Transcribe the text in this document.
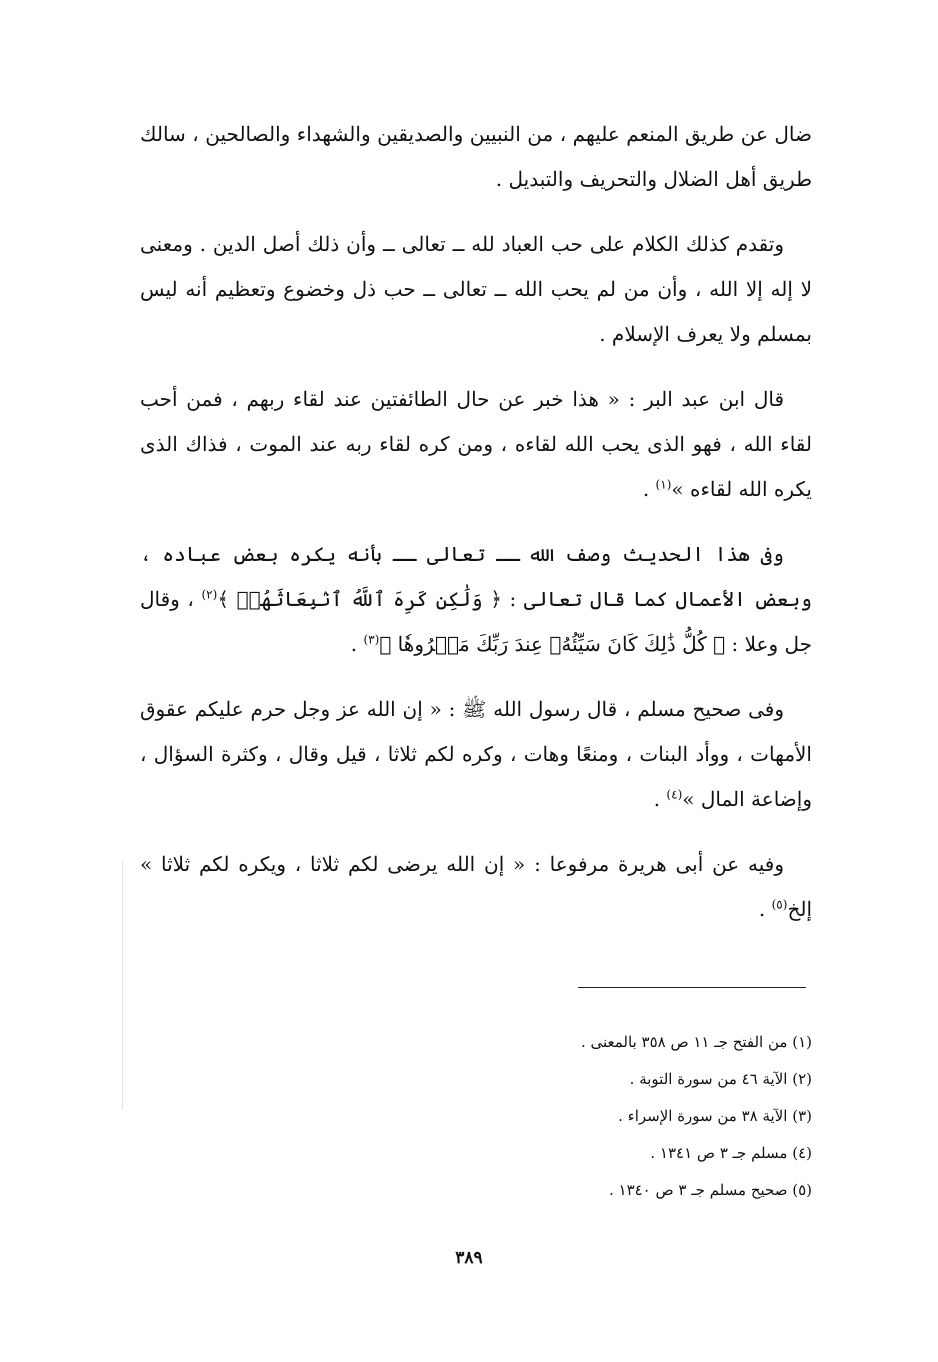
ضال عن طريق المنعم عليهم ، من النبيين والصديقين والشهداء والصالحين ، سالك طريق أهل الضلال والتحريف والتبديل .

وتقدم كذلك الكلام على حب العباد لله ــ تعالى ــ وأن ذلك أصل الدين . ومعنى لا إله إلا الله ، وأن من لم يحب الله ــ تعالى ــ حب ذل وخضوع وتعظيم أنه ليس بمسلم ولا يعرف الإسلام .

قال ابن عبد البر : « هذا خبر عن حال الطائفتين عند لقاء ربهم ، فمن أحب لقاء الله ، فهو الذى يحب الله لقاءه ، ومن كره لقاء ربه عند الموت ، فذاك الذى يكره الله لقاءه »$^{(١)}$ .

وفى هذا الحديث وصف الله ــ تعالى ــ بأنه يكره بعض عباده ، وبعض الأعمال كما قال تعالى : ﴿ وَلَٰكِن كَرِهَ ٱللَّهُ ٱنۢبِعَاثَهُمۡ ﴾$^{(٢)}$ ، وقال جل وعلا : ﴿ كُلُّ ذَٰلِكَ كَانَ سَيِّئُهُۥ عِندَ رَبِّكَ مَكۡرُوهٗا ﴾$^{(٣)}$ .

وفى صحيح مسلم ، قال رسول الله ﷺ : « إن الله عز وجل حرم عليكم عقوق الأمهات ، ووأد البنات ، ومنعًا وهات ، وكره لكم ثلاثا ، قيل وقال ، وكثرة السؤال ، وإضاعة المال »$^{(٤)}$ .

وفيه عن أبى هريرة مرفوعا : « إن الله يرضى لكم ثلاثا ، ويكره لكم ثلاثا » إلخ$^{(٥)}$ .

(١) من الفتح جـ ١١ ص ٣٥٨ بالمعنى .
(٢) الآية ٤٦ من سورة التوبة .
(٣) الآية ٣٨ من سورة الإسراء .
(٤) مسلم جـ ٣ ص ١٣٤١ .
(٥) صحيح مسلم جـ ٣ ص ١٣٤٠ .
٣٨٩
